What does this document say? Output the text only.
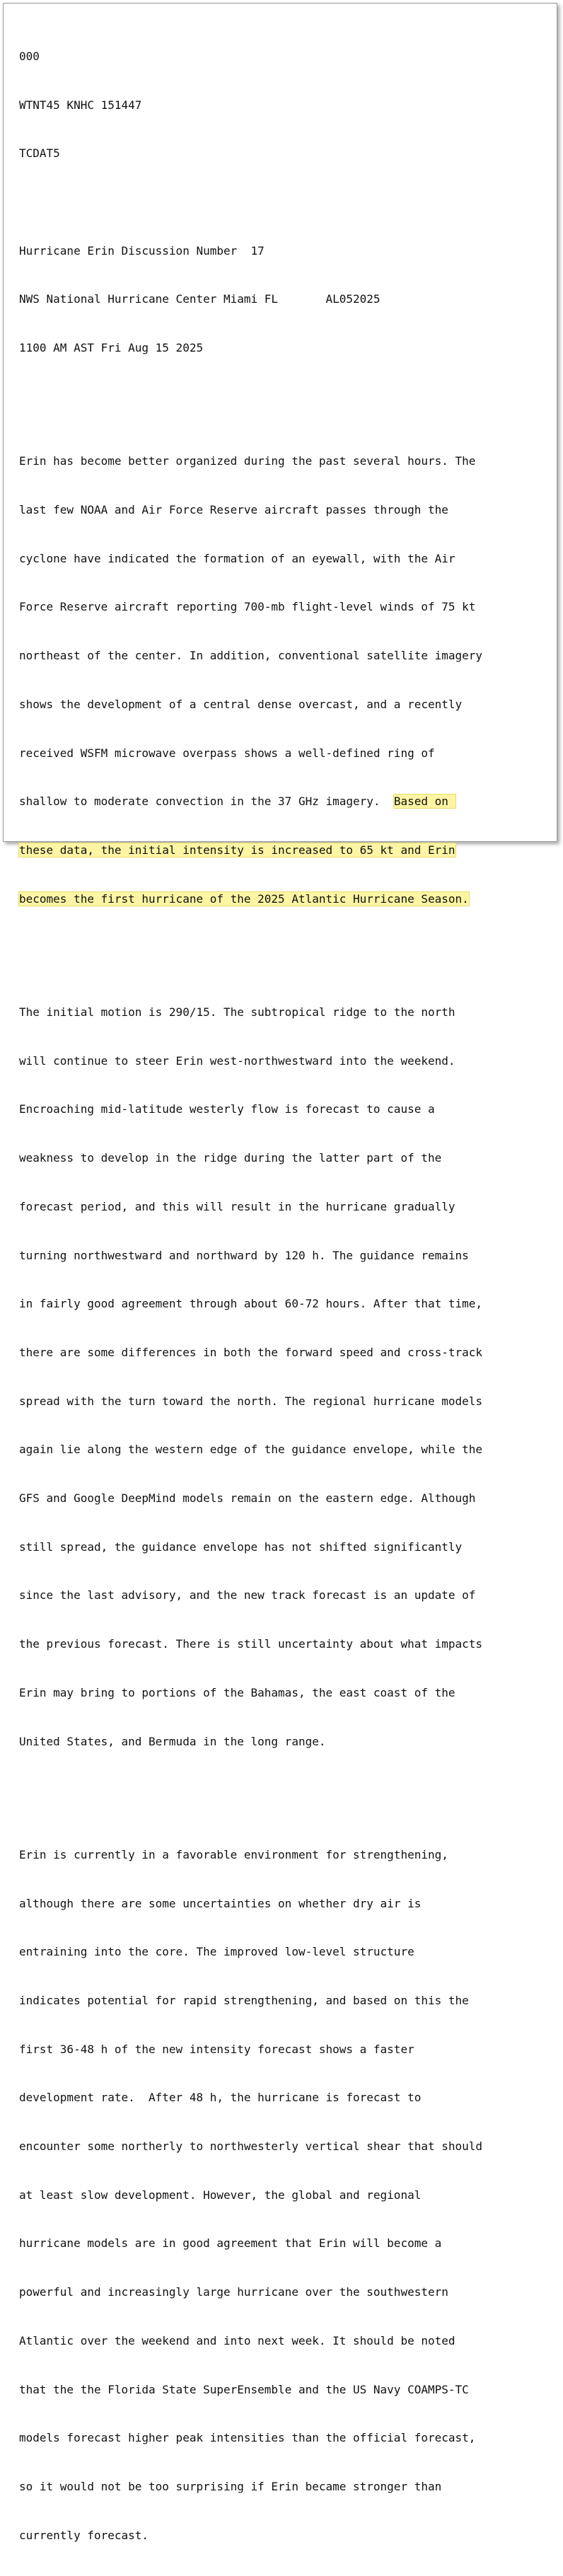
000

WTNT45 KNHC 151447

TCDAT5

Hurricane Erin Discussion Number  17

NWS National Hurricane Center Miami FL       AL052025

1100 AM AST Fri Aug 15 2025

Erin has become better organized during the past several hours. The

last few NOAA and Air Force Reserve aircraft passes through the

cyclone have indicated the formation of an eyewall, with the Air

Force Reserve aircraft reporting 700-mb flight-level winds of 75 kt

northeast of the center. In addition, conventional satellite imagery

shows the development of a central dense overcast, and a recently

received WSFM microwave overpass shows a well-defined ring of

shallow to moderate convection in the 37 GHz imagery.  Based on

these data, the initial intensity is increased to 65 kt and Erin

becomes the first hurricane of the 2025 Atlantic Hurricane Season.

The initial motion is 290/15. The subtropical ridge to the north

will continue to steer Erin west-northwestward into the weekend.

Encroaching mid-latitude westerly flow is forecast to cause a

weakness to develop in the ridge during the latter part of the

forecast period, and this will result in the hurricane gradually

turning northwestward and northward by 120 h. The guidance remains

in fairly good agreement through about 60-72 hours. After that time,

there are some differences in both the forward speed and cross-track

spread with the turn toward the north. The regional hurricane models

again lie along the western edge of the guidance envelope, while the

GFS and Google DeepMind models remain on the eastern edge. Although

still spread, the guidance envelope has not shifted significantly

since the last advisory, and the new track forecast is an update of

the previous forecast. There is still uncertainty about what impacts

Erin may bring to portions of the Bahamas, the east coast of the

United States, and Bermuda in the long range.

Erin is currently in a favorable environment for strengthening,

although there are some uncertainties on whether dry air is

entraining into the core. The improved low-level structure

indicates potential for rapid strengthening, and based on this the

first 36-48 h of the new intensity forecast shows a faster

development rate.  After 48 h, the hurricane is forecast to

encounter some northerly to northwesterly vertical shear that should

at least slow development. However, the global and regional

hurricane models are in good agreement that Erin will become a

powerful and increasingly large hurricane over the southwestern

Atlantic over the weekend and into next week. It should be noted

that the the Florida State SuperEnsemble and the US Navy COAMPS-TC

models forecast higher peak intensities than the official forecast,

so it would not be too surprising if Erin became stronger than

currently forecast.
